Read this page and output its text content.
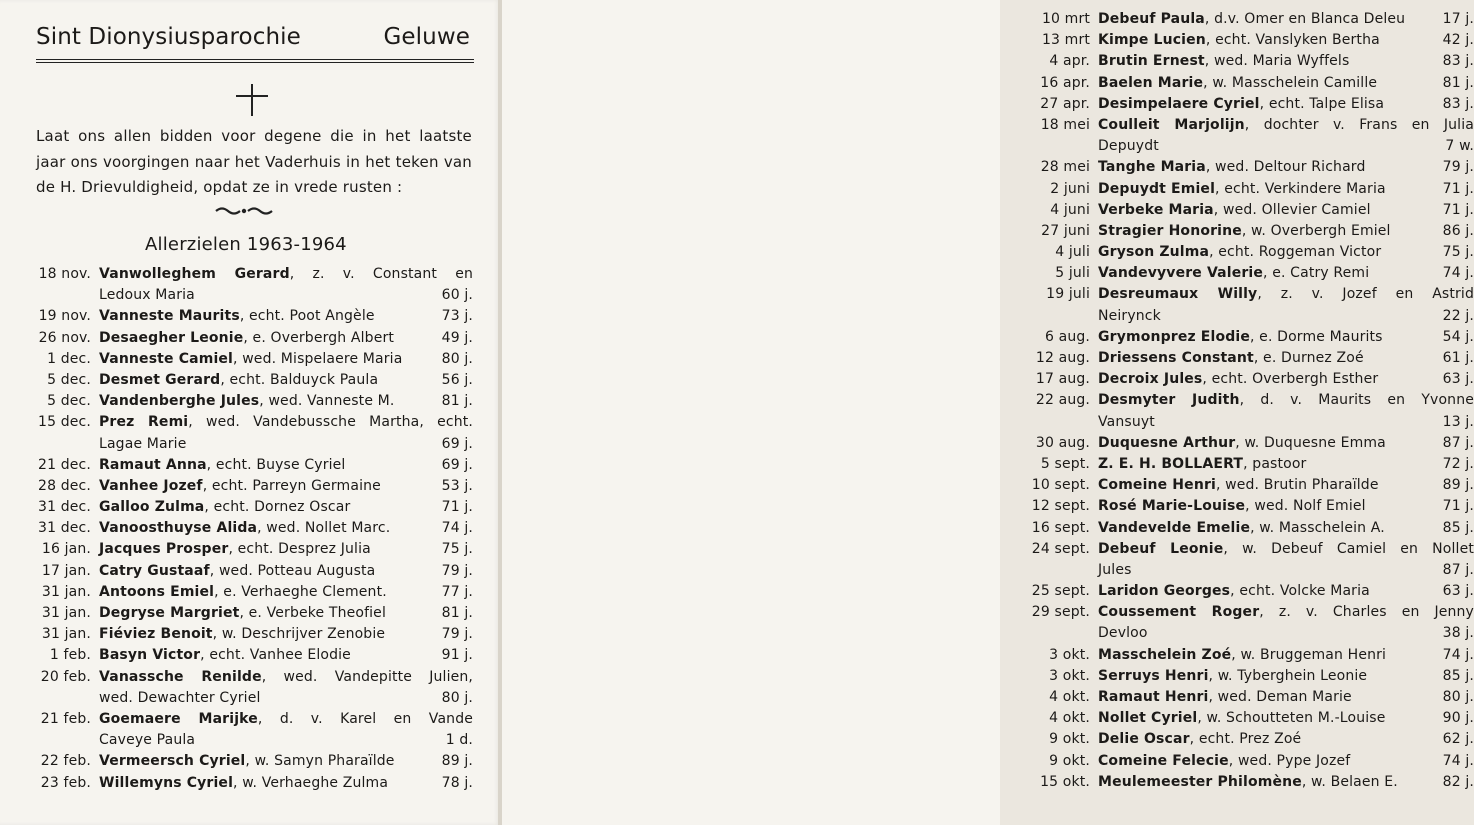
Sint Dionysiusparochie	Geluwe

Laat ons allen bidden voor degene die in het laatste jaar ons voorgingen naar het Vaderhuis in het teken van de H. Drievuldigheid, opdat ze in vrede rusten :

Allerzielen 1963-1964
18 nov. Vanwolleghem Gerard, z. v. Constant en
Ledoux Maria	60 j.
19 nov. Vanneste Maurits, echt. Poot Angèle	73 j.
26 nov. Desaegher Leonie, e. Overbergh Albert	49 j.
1 dec. Vanneste Camiel, wed. Mispelaere Maria	80 j.
5 dec. Desmet Gerard, echt. Balduyck Paula	56 j.
5 dec. Vandenberghe Jules, wed. Vanneste M.	81 j.
15 dec. Prez Remi, wed. Vandebussche Martha, echt.
Lagae Marie	69 j.
21 dec. Ramaut Anna, echt. Buyse Cyriel	69 j.
28 dec. Vanhee Jozef, echt. Parreyn Germaine	53 j.
31 dec. Galloo Zulma, echt. Dornez Oscar	71 j.
31 dec. Vanoosthuyse Alida, wed. Nollet Marc.	74 j.
16 jan. Jacques Prosper, echt. Desprez Julia	75 j.
17 jan. Catry Gustaaf, wed. Potteau Augusta	79 j.
31 jan. Antoons Emiel, e. Verhaeghe Clement.	77 j.
31 jan. Degryse Margriet, e. Verbeke Theofiel	81 j.
31 jan. Fiéviez Benoit, w. Deschrijver Zenobie	79 j.
1 feb. Basyn Victor, echt. Vanhee Elodie	91 j.
20 feb. Vanassche Renilde, wed. Vandepitte Julien,
wed. Dewachter Cyriel	80 j.
21 feb. Goemaere Marijke, d. v. Karel en Vande
Caveye Paula	1 d.
22 feb. Vermeersch Cyriel, w. Samyn Pharaïlde	89 j.
23 feb. Willemyns Cyriel, w. Verhaeghe Zulma	78 j.
10 mrt Debeuf Paula, d.v. Omer en Blanca Deleu	17 j.
13 mrt Kimpe Lucien, echt. Vanslyken Bertha	42 j.
4 apr. Brutin Ernest, wed. Maria Wyffels	83 j.
16 apr. Baelen Marie, w. Masschelein Camille	81 j.
27 apr. Desimpelaere Cyriel, echt. Talpe Elisa	83 j.
18 mei Coulleit Marjolijn, dochter v. Frans en Julia
Depuydt	7 w.
28 mei Tanghe Maria, wed. Deltour Richard	79 j.
2 juni Depuydt Emiel, echt. Verkindere Maria	71 j.
4 juni Verbeke Maria, wed. Ollevier Camiel	71 j.
27 juni Stragier Honorine, w. Overbergh Emiel	86 j.
4 juli Gryson Zulma, echt. Roggeman Victor	75 j.
5 juli Vandevyvere Valerie, e. Catry Remi	74 j.
19 juli Desreumaux Willy, z. v. Jozef en Astrid
Neirynck	22 j.
6 aug. Grymonprez Elodie, e. Dorme Maurits	54 j.
12 aug. Driessens Constant, e. Durnez Zoé	61 j.
17 aug. Decroix Jules, echt. Overbergh Esther	63 j.
22 aug. Desmyter Judith, d. v. Maurits en Yvonne
Vansuyt	13 j.
30 aug. Duquesne Arthur, w. Duquesne Emma	87 j.
5 sept. Z. E. H. BOLLAERT, pastoor	72 j.
10 sept. Comeine Henri, wed. Brutin Pharaïlde	89 j.
12 sept. Rosé Marie-Louise, wed. Nolf Emiel	71 j.
16 sept. Vandevelde Emelie, w. Masschelein A.	85 j.
24 sept. Debeuf Leonie, w. Debeuf Camiel en Nollet
Jules	87 j.
25 sept. Laridon Georges, echt. Volcke Maria	63 j.
29 sept. Coussement Roger, z. v. Charles en Jenny
Devloo	38 j.
3 okt. Masschelein Zoé, w. Bruggeman Henri	74 j.
3 okt. Serruys Henri, w. Tyberghein Leonie	85 j.
4 okt. Ramaut Henri, wed. Deman Marie	80 j.
4 okt. Nollet Cyriel, w. Schoutteten M.-Louise	90 j.
9 okt. Delie Oscar, echt. Prez Zoé	62 j.
9 okt. Comeine Felecie, wed. Pype Jozef	74 j.
15 okt. Meulemeester Philomène, w. Belaen E.	82 j.
